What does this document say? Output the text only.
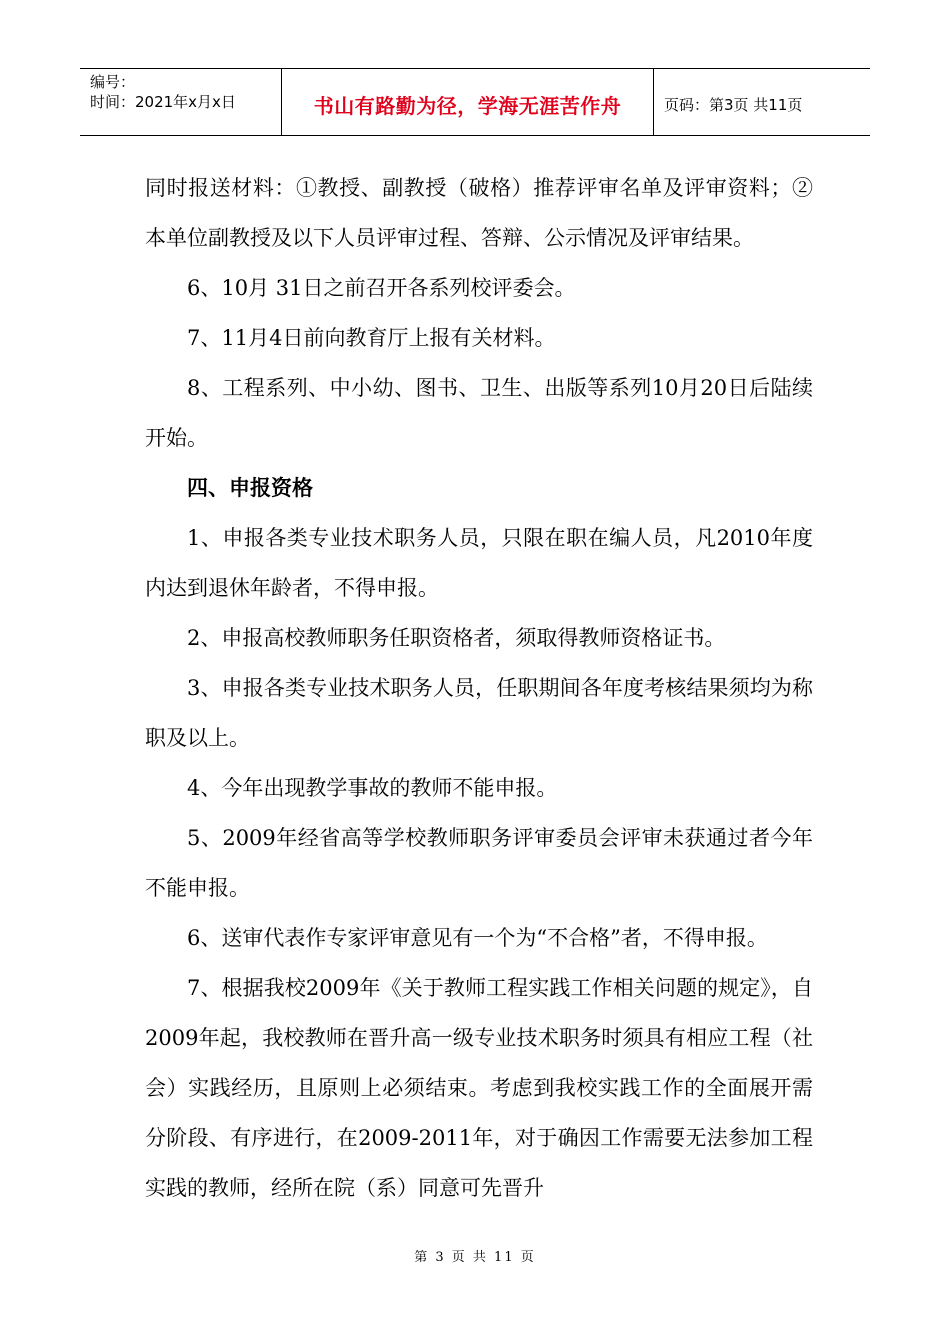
编号：
时间：2021年x月x日	书山有路勤为径，学海无涯苦作舟	页码：第3页 共11页

同时报送材料：①教授、副教授（破格）推荐评审名单及评审资料；②本单位副教授及以下人员评审过程、答辩、公示情况及评审结果。

6、10月 31日之前召开各系列校评委会。

7、11月4日前向教育厅上报有关材料。

8、工程系列、中小幼、图书、卫生、出版等系列10月20日后陆续开始。

四、申报资格

1、申报各类专业技术职务人员，只限在职在编人员，凡2010年度内达到退休年龄者，不得申报。

2、申报高校教师职务任职资格者，须取得教师资格证书。

3、申报各类专业技术职务人员，任职期间各年度考核结果须均为称职及以上。

4、今年出现教学事故的教师不能申报。

5、2009年经省高等学校教师职务评审委员会评审未获通过者今年不能申报。

6、送审代表作专家评审意见有一个为“不合格”者，不得申报。

7、根据我校2009年《关于教师工程实践工作相关问题的规定》，自2009年起，我校教师在晋升高一级专业技术职务时须具有相应工程（社会）实践经历，且原则上必须结束。考虑到我校实践工作的全面展开需分阶段、有序进行，在2009-2011年，对于确因工作需要无法参加工程实践的教师，经所在院（系）同意可先晋升

第 3 页 共 11 页
